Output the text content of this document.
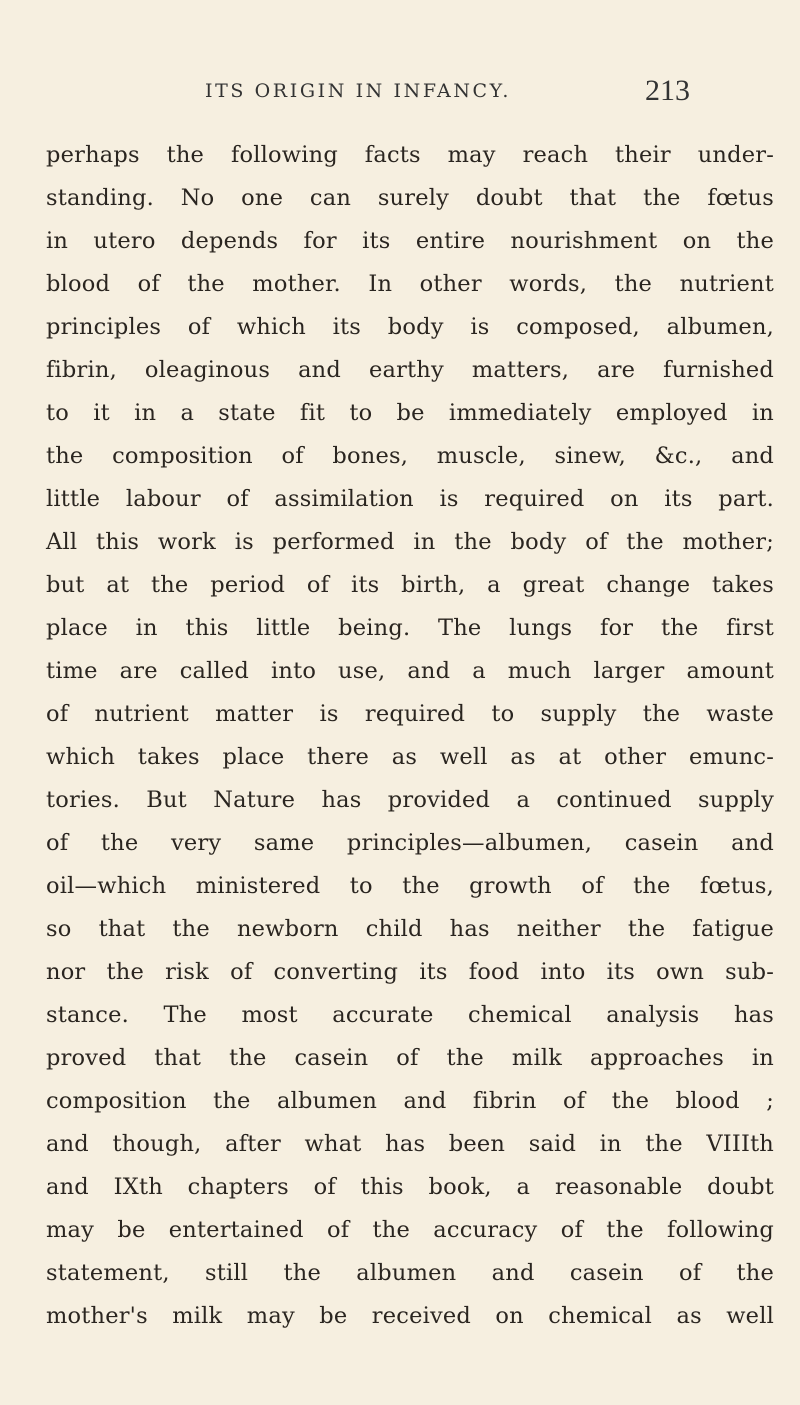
ITS ORIGIN IN INFANCY.	213
perhaps the following facts may reach their under-
standing. No one can surely doubt that the fœtus
in utero depends for its entire nourishment on the
blood of the mother. In other words, the nutrient
principles of which its body is composed, albumen,
fibrin, oleaginous and earthy matters, are furnished
to it in a state fit to be immediately employed in
the composition of bones, muscle, sinew, &c., and
little labour of assimilation is required on its part.
All this work is performed in the body of the mother;
but at the period of its birth, a great change takes
place in this little being. The lungs for the first
time are called into use, and a much larger amount
of nutrient matter is required to supply the waste
which takes place there as well as at other emunc-
tories. But Nature has provided a continued supply
of the very same principles—albumen, casein and
oil—which ministered to the growth of the fœtus,
so that the newborn child has neither the fatigue
nor the risk of converting its food into its own sub-
stance. The most accurate chemical analysis has
proved that the casein of the milk approaches in
composition the albumen and fibrin of the blood ;
and though, after what has been said in the VIIIth
and IXth chapters of this book, a reasonable doubt
may be entertained of the accuracy of the following
statement, still the albumen and casein of the
mother's milk may be received on chemical as well
